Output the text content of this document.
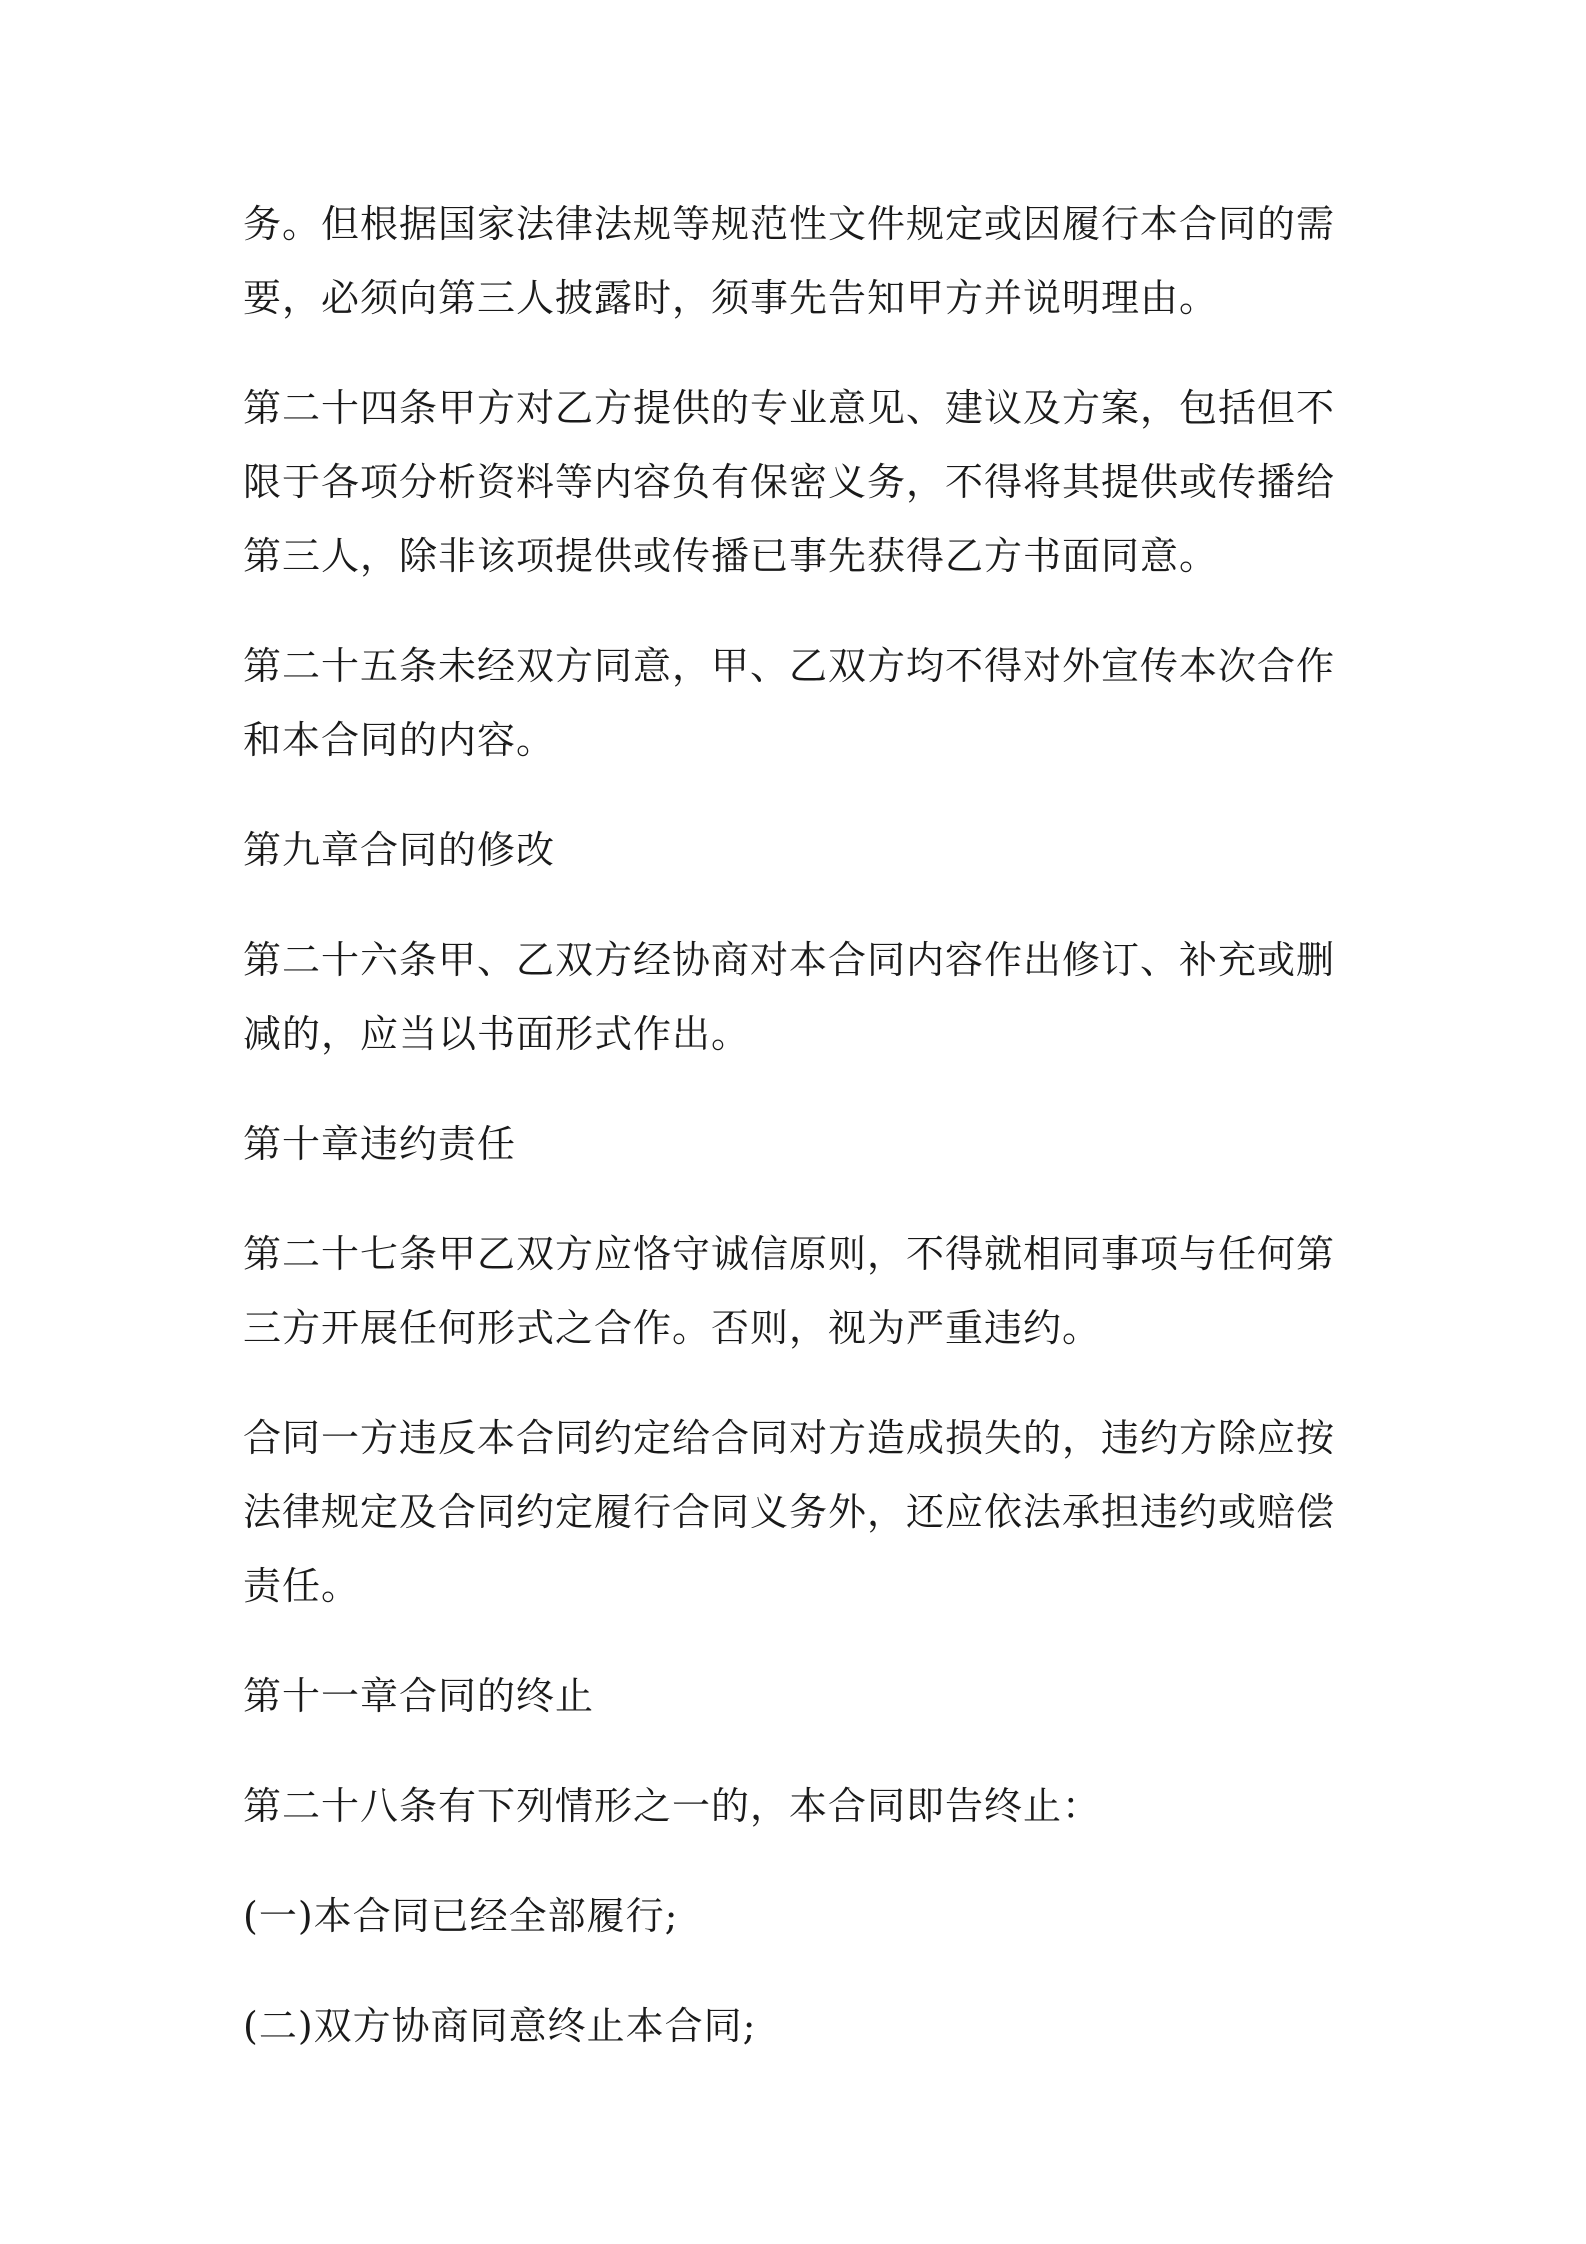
务。但根据国家法律法规等规范性文件规定或因履行本合同的需要，必须向第三人披露时，须事先告知甲方并说明理由。

第二十四条甲方对乙方提供的专业意见、建议及方案，包括但不限于各项分析资料等内容负有保密义务，不得将其提供或传播给第三人，除非该项提供或传播已事先获得乙方书面同意。

第二十五条未经双方同意，甲、乙双方均不得对外宣传本次合作和本合同的内容。

第九章合同的修改

第二十六条甲、乙双方经协商对本合同内容作出修订、补充或删减的，应当以书面形式作出。

第十章违约责任

第二十七条甲乙双方应恪守诚信原则，不得就相同事项与任何第三方开展任何形式之合作。否则，视为严重违约。

合同一方违反本合同约定给合同对方造成损失的，违约方除应按法律规定及合同约定履行合同义务外，还应依法承担违约或赔偿责任。

第十一章合同的终止

第二十八条有下列情形之一的，本合同即告终止：

(一)本合同已经全部履行;

(二)双方协商同意终止本合同;
